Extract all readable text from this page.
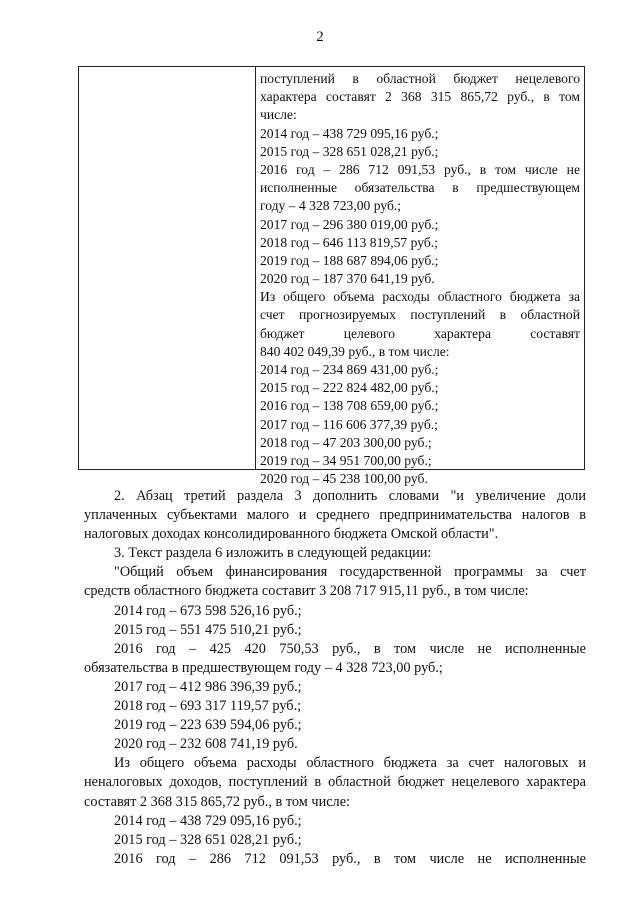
2
поступлений в областной бюджет нецелевого
характера составят 2 368 315 865,72 руб., в том
числе:
2014 год – 438 729 095,16 руб.;
2015 год – 328 651 028,21 руб.;
2016 год – 286 712 091,53 руб., в том числе не
исполненные обязательства в предшествующем
году – 4 328 723,00 руб.;
2017 год – 296 380 019,00 руб.;
2018 год – 646 113 819,57 руб.;
2019 год – 188 687 894,06 руб.;
2020 год – 187 370 641,19 руб.
Из общего объема расходы областного бюджета за
счет прогнозируемых поступлений в областной
бюджет целевого характера составят
840 402 049,39 руб., в том числе:
2014 год – 234 869 431,00 руб.;
2015 год – 222 824 482,00 руб.;
2016 год – 138 708 659,00 руб.;
2017 год – 116 606 377,39 руб.;
2018 год – 47 203 300,00 руб.;
2019 год – 34 951 700,00 руб.;
2020 год – 45 238 100,00 руб.
2. Абзац третий раздела 3 дополнить словами "и увеличение доли
уплаченных субъектами малого и среднего предпринимательства налогов в
налоговых доходах консолидированного бюджета Омской области".
3. Текст раздела 6 изложить в следующей редакции:
"Общий объем финансирования государственной программы за счет
средств областного бюджета составит 3 208 717 915,11 руб., в том числе:
2014 год – 673 598 526,16 руб.;
2015 год – 551 475 510,21 руб.;
2016 год – 425 420 750,53 руб., в том числе не исполненные
обязательства в предшествующем году – 4 328 723,00 руб.;
2017 год – 412 986 396,39 руб.;
2018 год – 693 317 119,57 руб.;
2019 год – 223 639 594,06 руб.;
2020 год – 232 608 741,19 руб.
Из общего объема расходы областного бюджета за счет налоговых и
неналоговых доходов, поступлений в областной бюджет нецелевого характера
составят 2 368 315 865,72 руб., в том числе:
2014 год – 438 729 095,16 руб.;
2015 год – 328 651 028,21 руб.;
2016 год – 286 712 091,53 руб., в том числе не исполненные
